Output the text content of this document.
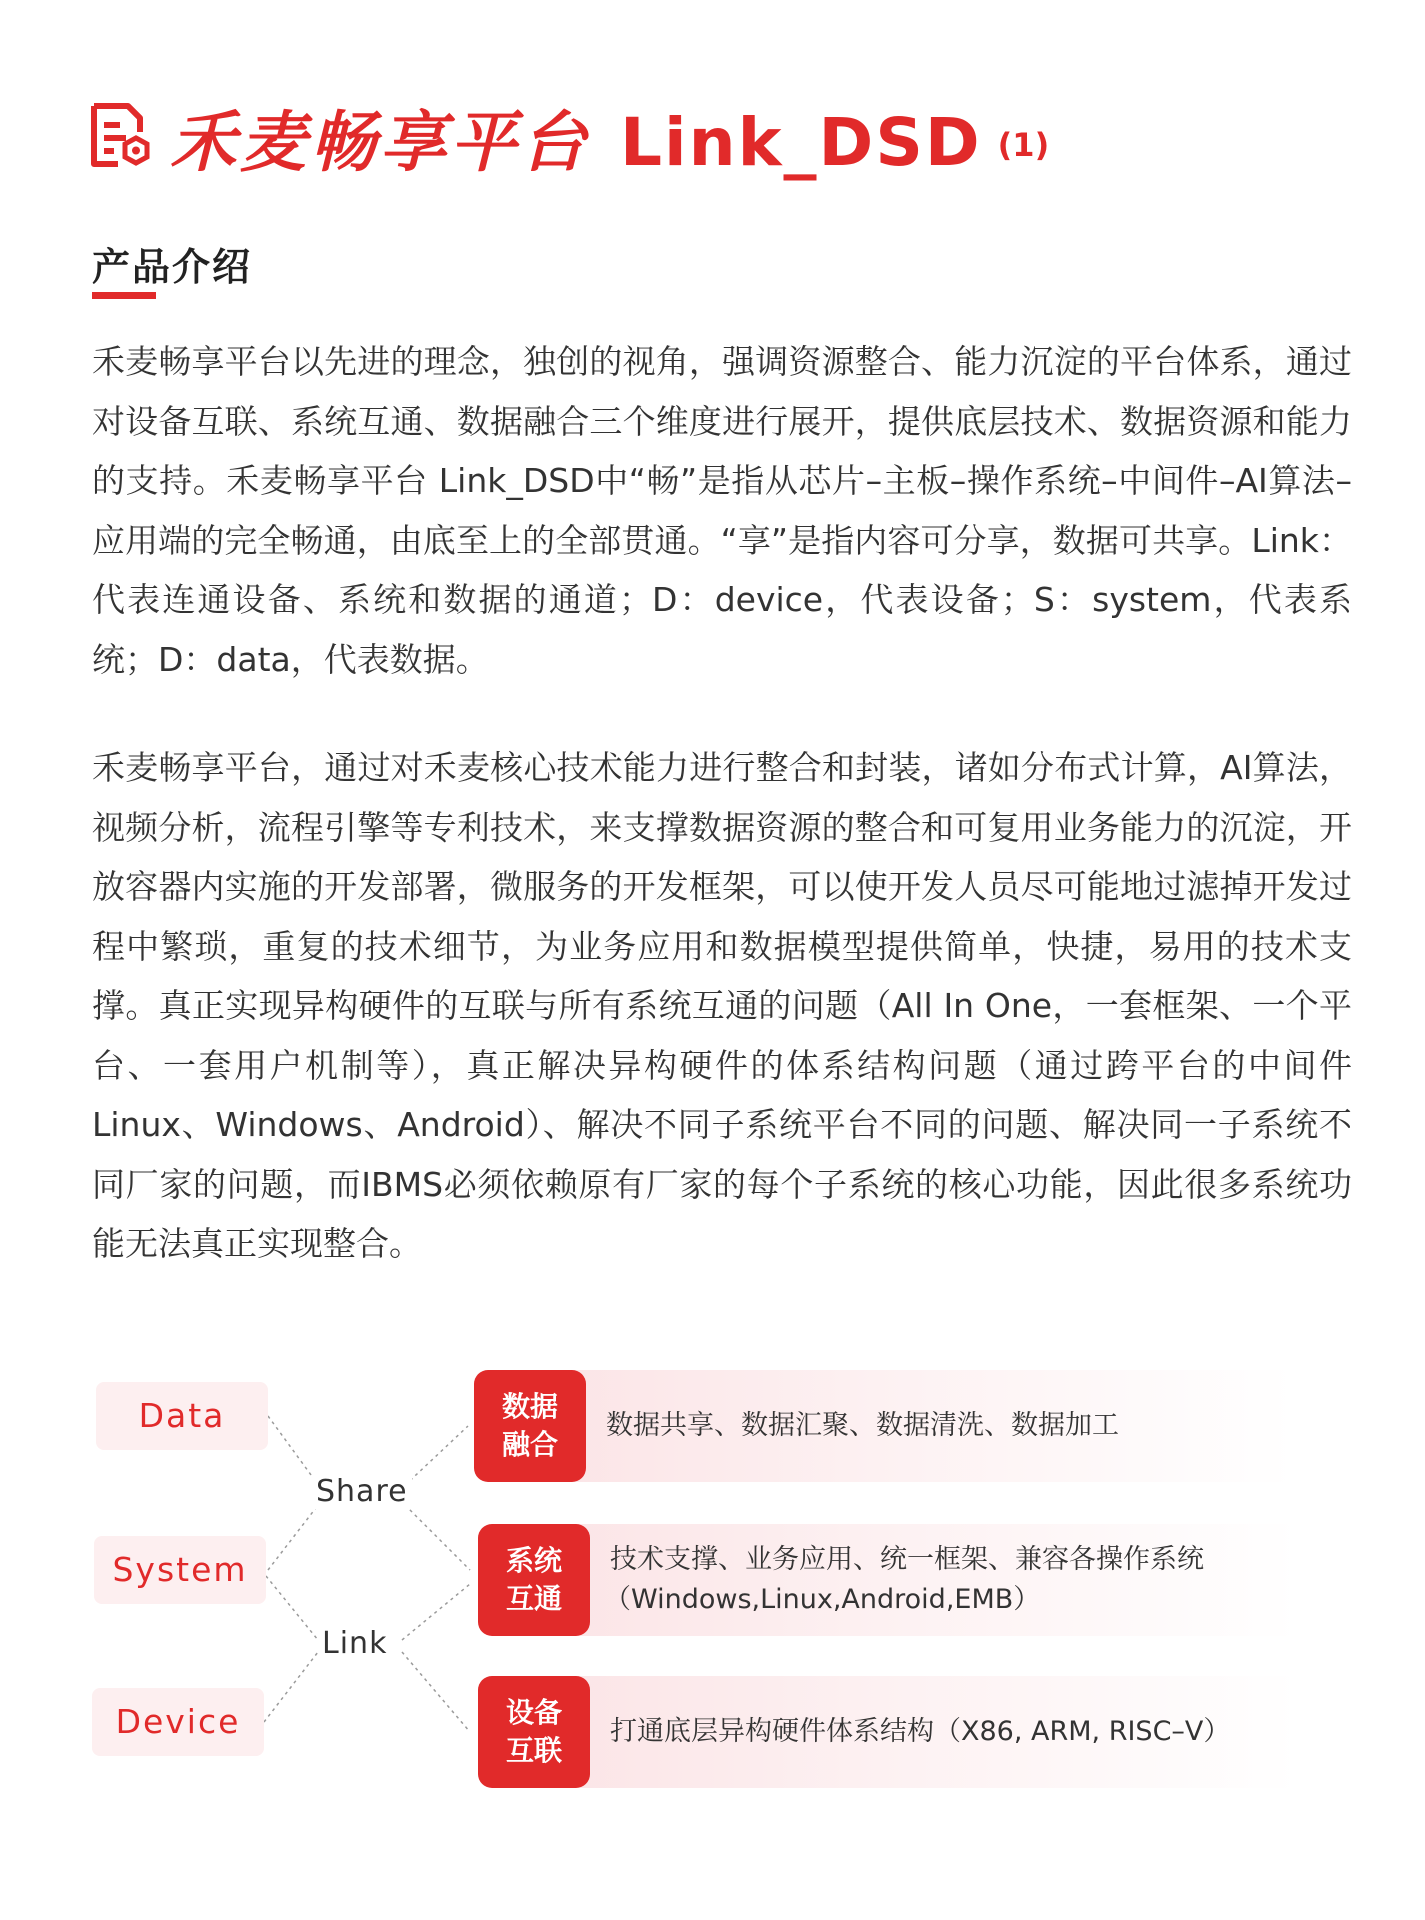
禾麦畅享平台 Link_DSD (1)
产品介绍

禾麦畅享平台以先进的理念，独创的视角，强调资源整合、能力沉淀的平台体系，通过对设备互联、系统互通、数据融合三个维度进行展开，提供底层技术、数据资源和能力的支持。禾麦畅享平台 Link_DSD中“畅”是指从芯片–主板–操作系统–中间件–AI算法–应用端的完全畅通，由底至上的全部贯通。“享”是指内容可分享，数据可共享。Link：代表连通设备、系统和数据的通道；D：device，代表设备；S：system，代表系统；D：data，代表数据。

禾麦畅享平台，通过对禾麦核心技术能力进行整合和封装，诸如分布式计算，AI算法，视频分析，流程引擎等专利技术，来支撑数据资源的整合和可复用业务能力的沉淀，开放容器内实施的开发部署，微服务的开发框架，可以使开发人员尽可能地过滤掉开发过程中繁琐，重复的技术细节，为业务应用和数据模型提供简单，快捷，易用的技术支撑。真正实现异构硬件的互联与所有系统互通的问题（All In One，一套框架、一个平台、一套用户机制等），真正解决异构硬件的体系结构问题（通过跨平台的中间件Linux、Windows、Android）、解决不同子系统平台不同的问题、解决同一子系统不同厂家的问题，而IBMS必须依赖原有厂家的每个子系统的核心功能，因此很多系统功能无法真正实现整合。

Data
System
Device
Share
Link
数据融合
数据共享、数据汇聚、数据清洗、数据加工
系统互通
技术支撑、业务应用、统一框架、兼容各操作系统
（Windows,Linux,Android,EMB）
设备互联
打通底层异构硬件体系结构（X86, ARM, RISC–V）
